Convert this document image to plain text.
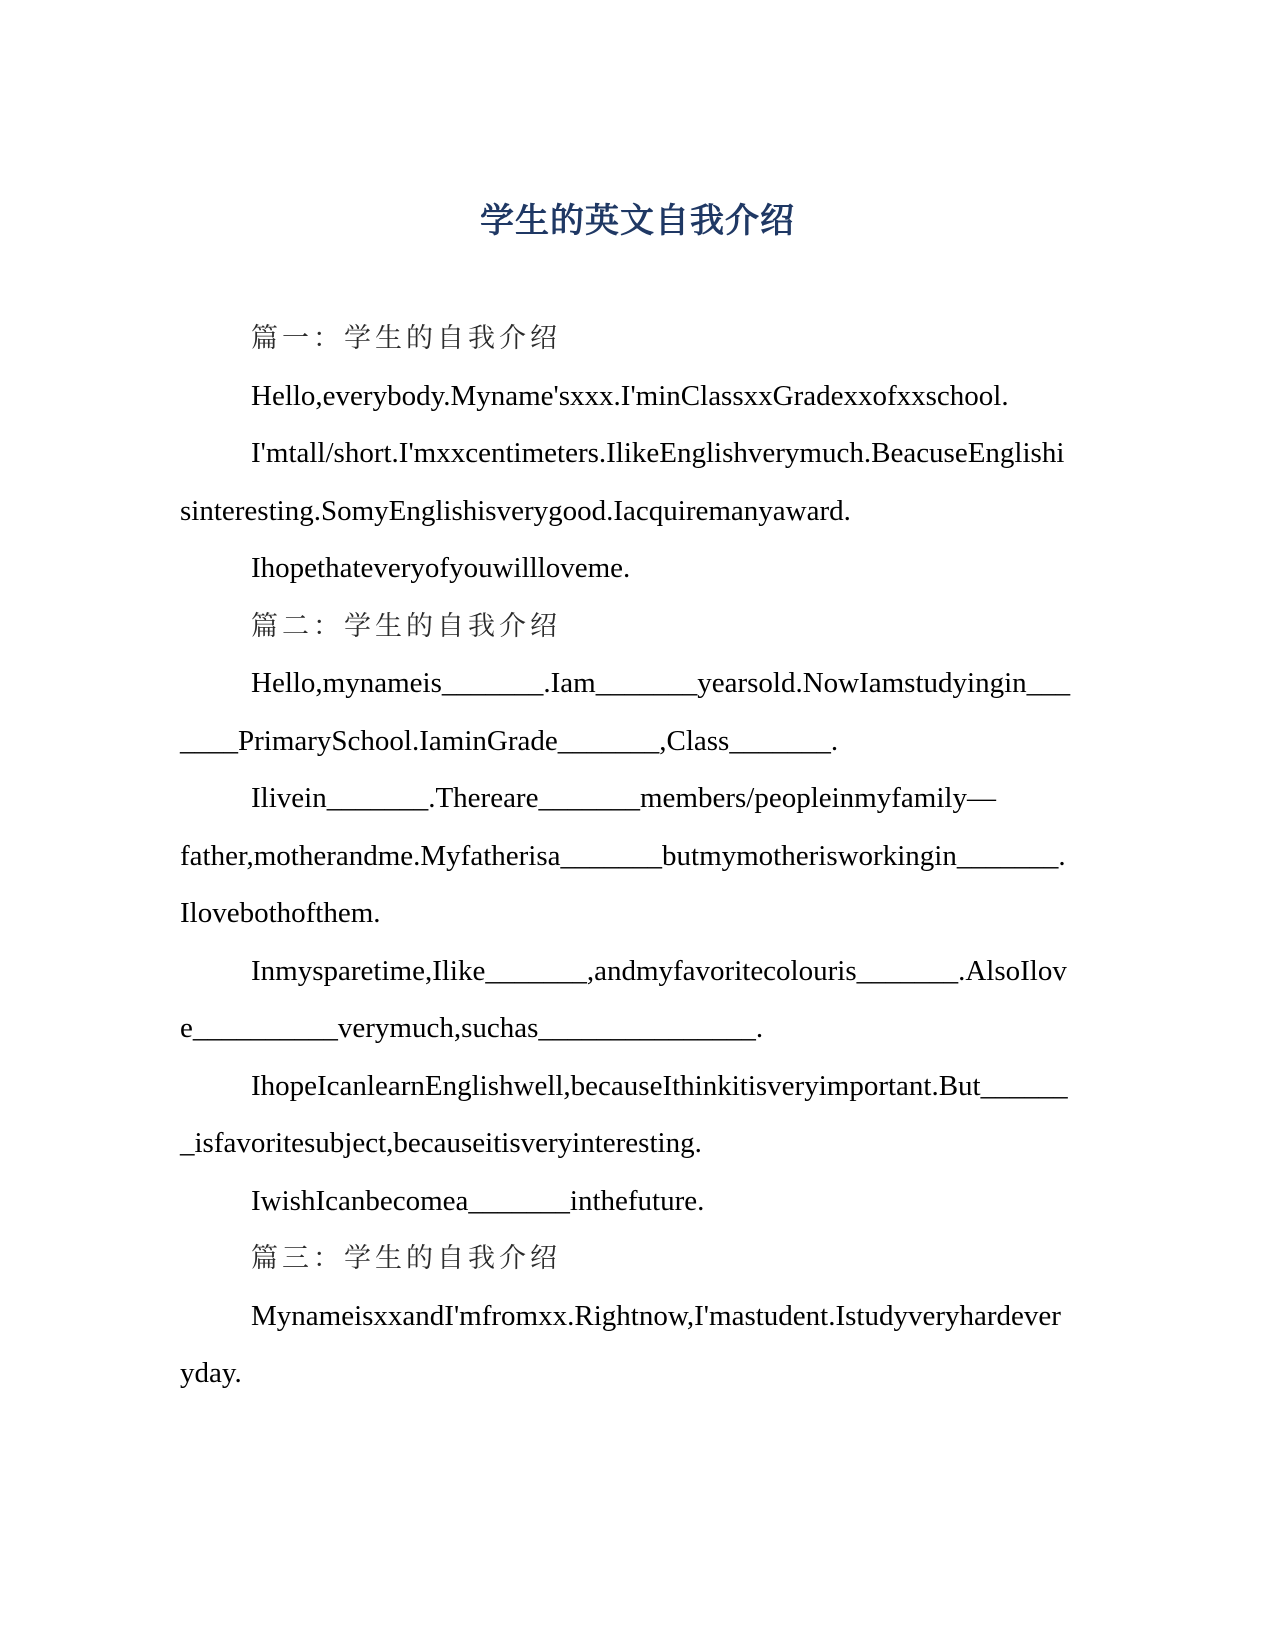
学生的英文自我介绍
篇一：学生的自我介绍
Hello,everybody.Myname'sxxx.I'minClassxxGradexxofxxschool.
I'mtall/short.I'mxxcentimeters.IlikeEnglishverymuch.BeacuseEnglishi
sinteresting.SomyEnglishisverygood.Iacquiremanyaward.
Ihopethateveryofyouwillloveme.
篇二：学生的自我介绍
Hello,mynameis_______.Iam_______yearsold.NowIamstudyingin___
____PrimarySchool.IaminGrade_______,Class_______.
Ilivein_______.Thereare_______members/peopleinmyfamily—
father,motherandme.Myfatherisa_______butmymotherisworkingin_______.
Ilovebothofthem.
Inmysparetime,Ilike_______,andmyfavoritecolouris_______.AlsoIlov
e__________verymuch,suchas_______________.
IhopeIcanlearnEnglishwell,becauseIthinkitisveryimportant.But______
_isfavoritesubject,becauseitisveryinteresting.
IwishIcanbecomea_______inthefuture.
篇三：学生的自我介绍
MynameisxxandI'mfromxx.Rightnow,I'mastudent.Istudyveryhardever
yday.
